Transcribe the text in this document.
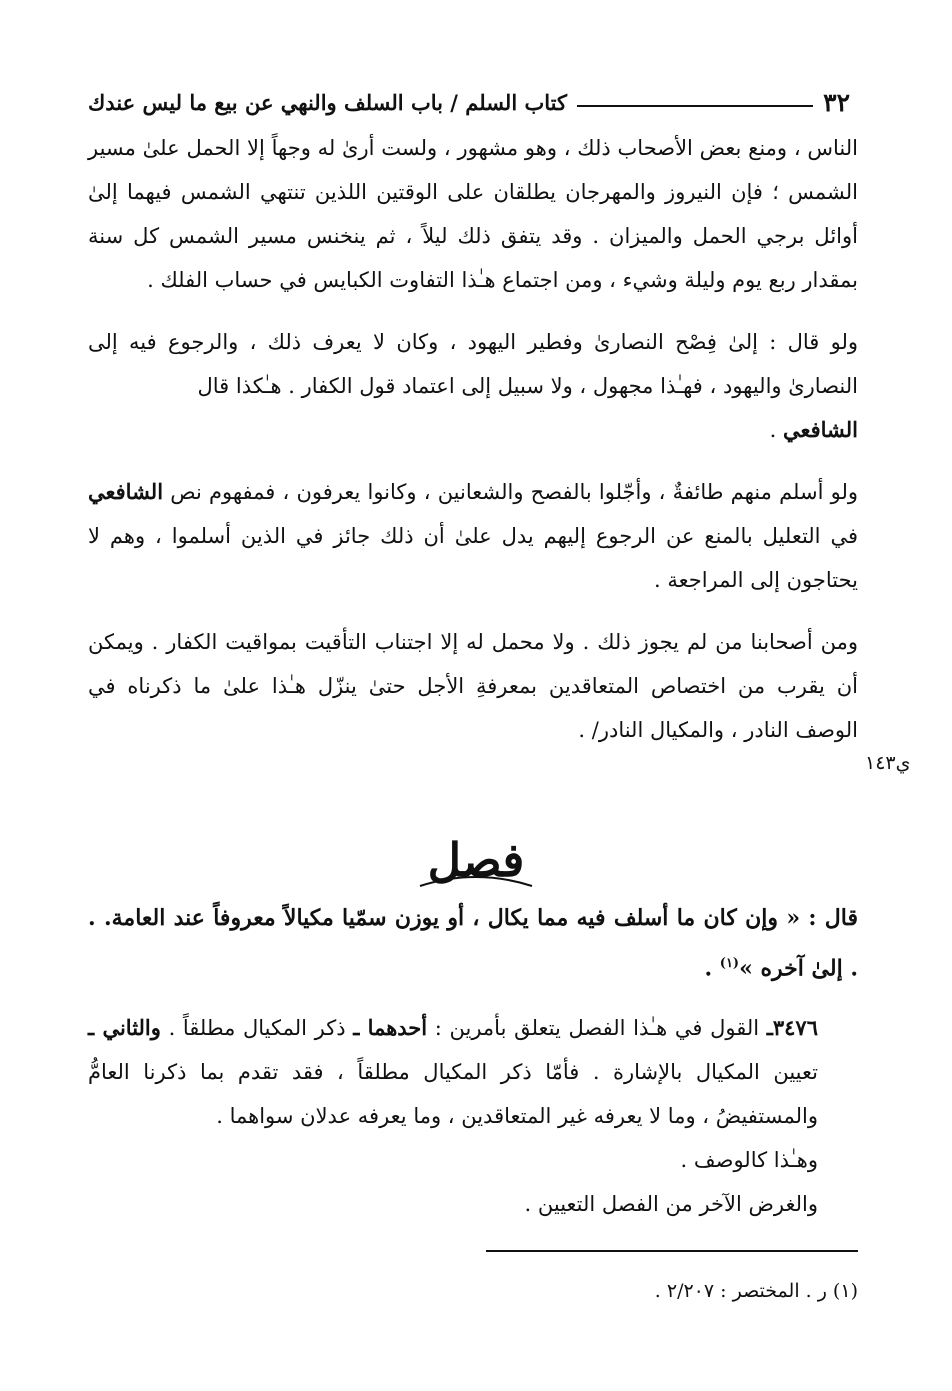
٣٢
كتاب السلم / باب السلف والنهي عن بيع ما ليس عندك

الناس ، ومنع بعض الأصحاب ذلك ، وهو مشهور ، ولست أرىٰ له وجهاً إلا الحمل علىٰ مسير الشمس ؛ فإن النيروز والمهرجان يطلقان على الوقتين اللذين تنتهي الشمس فيهما إلىٰ أوائل برجي الحمل والميزان . وقد يتفق ذلك ليلاً ، ثم ينخنس مسير الشمس كل سنة بمقدار ربع يوم وليلة وشيء ، ومن اجتماع هـٰذا التفاوت الكبايس في حساب الفلك .

ولو قال : إلىٰ فِصْح النصارىٰ وفطير اليهود ، وكان لا يعرف ذلك ، والرجوع فيه إلى النصارىٰ واليهود ، فهـٰذا مجهول ، ولا سبيل إلى اعتماد قول الكفار . هـٰكذا قال
الشافعي .

ولو أسلم منهم طائفةٌ ، وأجّلوا بالفصح والشعانين ، وكانوا يعرفون ، فمفهوم نص الشافعي في التعليل بالمنع عن الرجوع إليهم يدل علىٰ أن ذلك جائز في الذين أسلموا ، وهم لا يحتاجون إلى المراجعة .

ومن أصحابنا من لم يجوز ذلك . ولا محمل له إلا اجتناب التأقيت بمواقيت الكفار . ويمكن أن يقرب من اختصاص المتعاقدين بمعرفةِ الأجل حتىٰ ينزّل هـٰذا علىٰ ما ذكرناه في الوصف النادر ، والمكيال النادر/ .

ي١٤٣
فصل
قال : « وإن كان ما أسلف فيه مما يكال ، أو يوزن سمّيا مكيالاً معروفاً عند العامة. . . إلىٰ آخره »$^{(١)}$ .

٣٤٧٦ـ القول في هـٰذا الفصل يتعلق بأمرين : أحدهما ـ ذكر المكيال مطلقاً . والثاني ـ تعيين المكيال بالإشارة . فأمّا ذكر المكيال مطلقاً ، فقد تقدم بما ذكرنا العامُّ والمستفيضُ ، وما لا يعرفه غير المتعاقدين ، وما يعرفه عدلان سواهما .

وهـٰذا كالوصف .

والغرض الآخر من الفصل التعيين .

(١) ر . المختصر : ٢/٢٠٧ .
